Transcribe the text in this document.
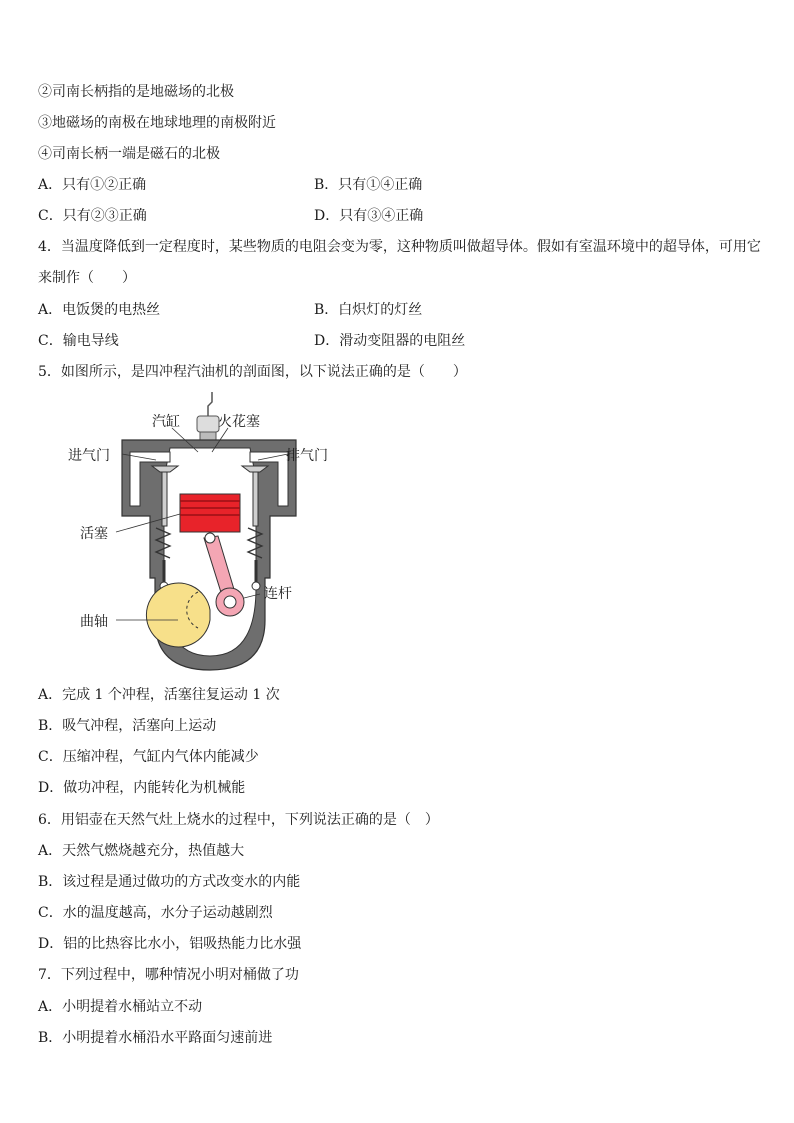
②司南长柄指的是地磁场的北极
③地磁场的南极在地球地理的南极附近
④司南长柄一端是磁石的北极
A．只有①②正确	B．只有①④正确
C．只有②③正确	D．只有③④正确
4．当温度降低到一定程度时，某些物质的电阻会变为零，这种物质叫做超导体。假如有室温环境中的超导体，可用它
来制作（　　）
A．电饭煲的电热丝	B．白炽灯的灯丝
C．输电导线	D．滑动变阻器的电阻丝
5．如图所示，是四冲程汽油机的剖面图，以下说法正确的是（　　）
汽缸	火花塞
进气门	排气门
活塞
连杆
曲轴
A．完成 1 个冲程，活塞往复运动 1 次
B．吸气冲程，活塞向上运动
C．压缩冲程，气缸内气体内能减少
D．做功冲程，内能转化为机械能
6．用铝壶在天然气灶上烧水的过程中，下列说法正确的是（　）
A．天然气燃烧越充分，热值越大
B．该过程是通过做功的方式改变水的内能
C．水的温度越高，水分子运动越剧烈
D．铝的比热容比水小，铝吸热能力比水强
7．下列过程中，哪种情况小明对桶做了功
A．小明提着水桶站立不动
B．小明提着水桶沿水平路面匀速前进
